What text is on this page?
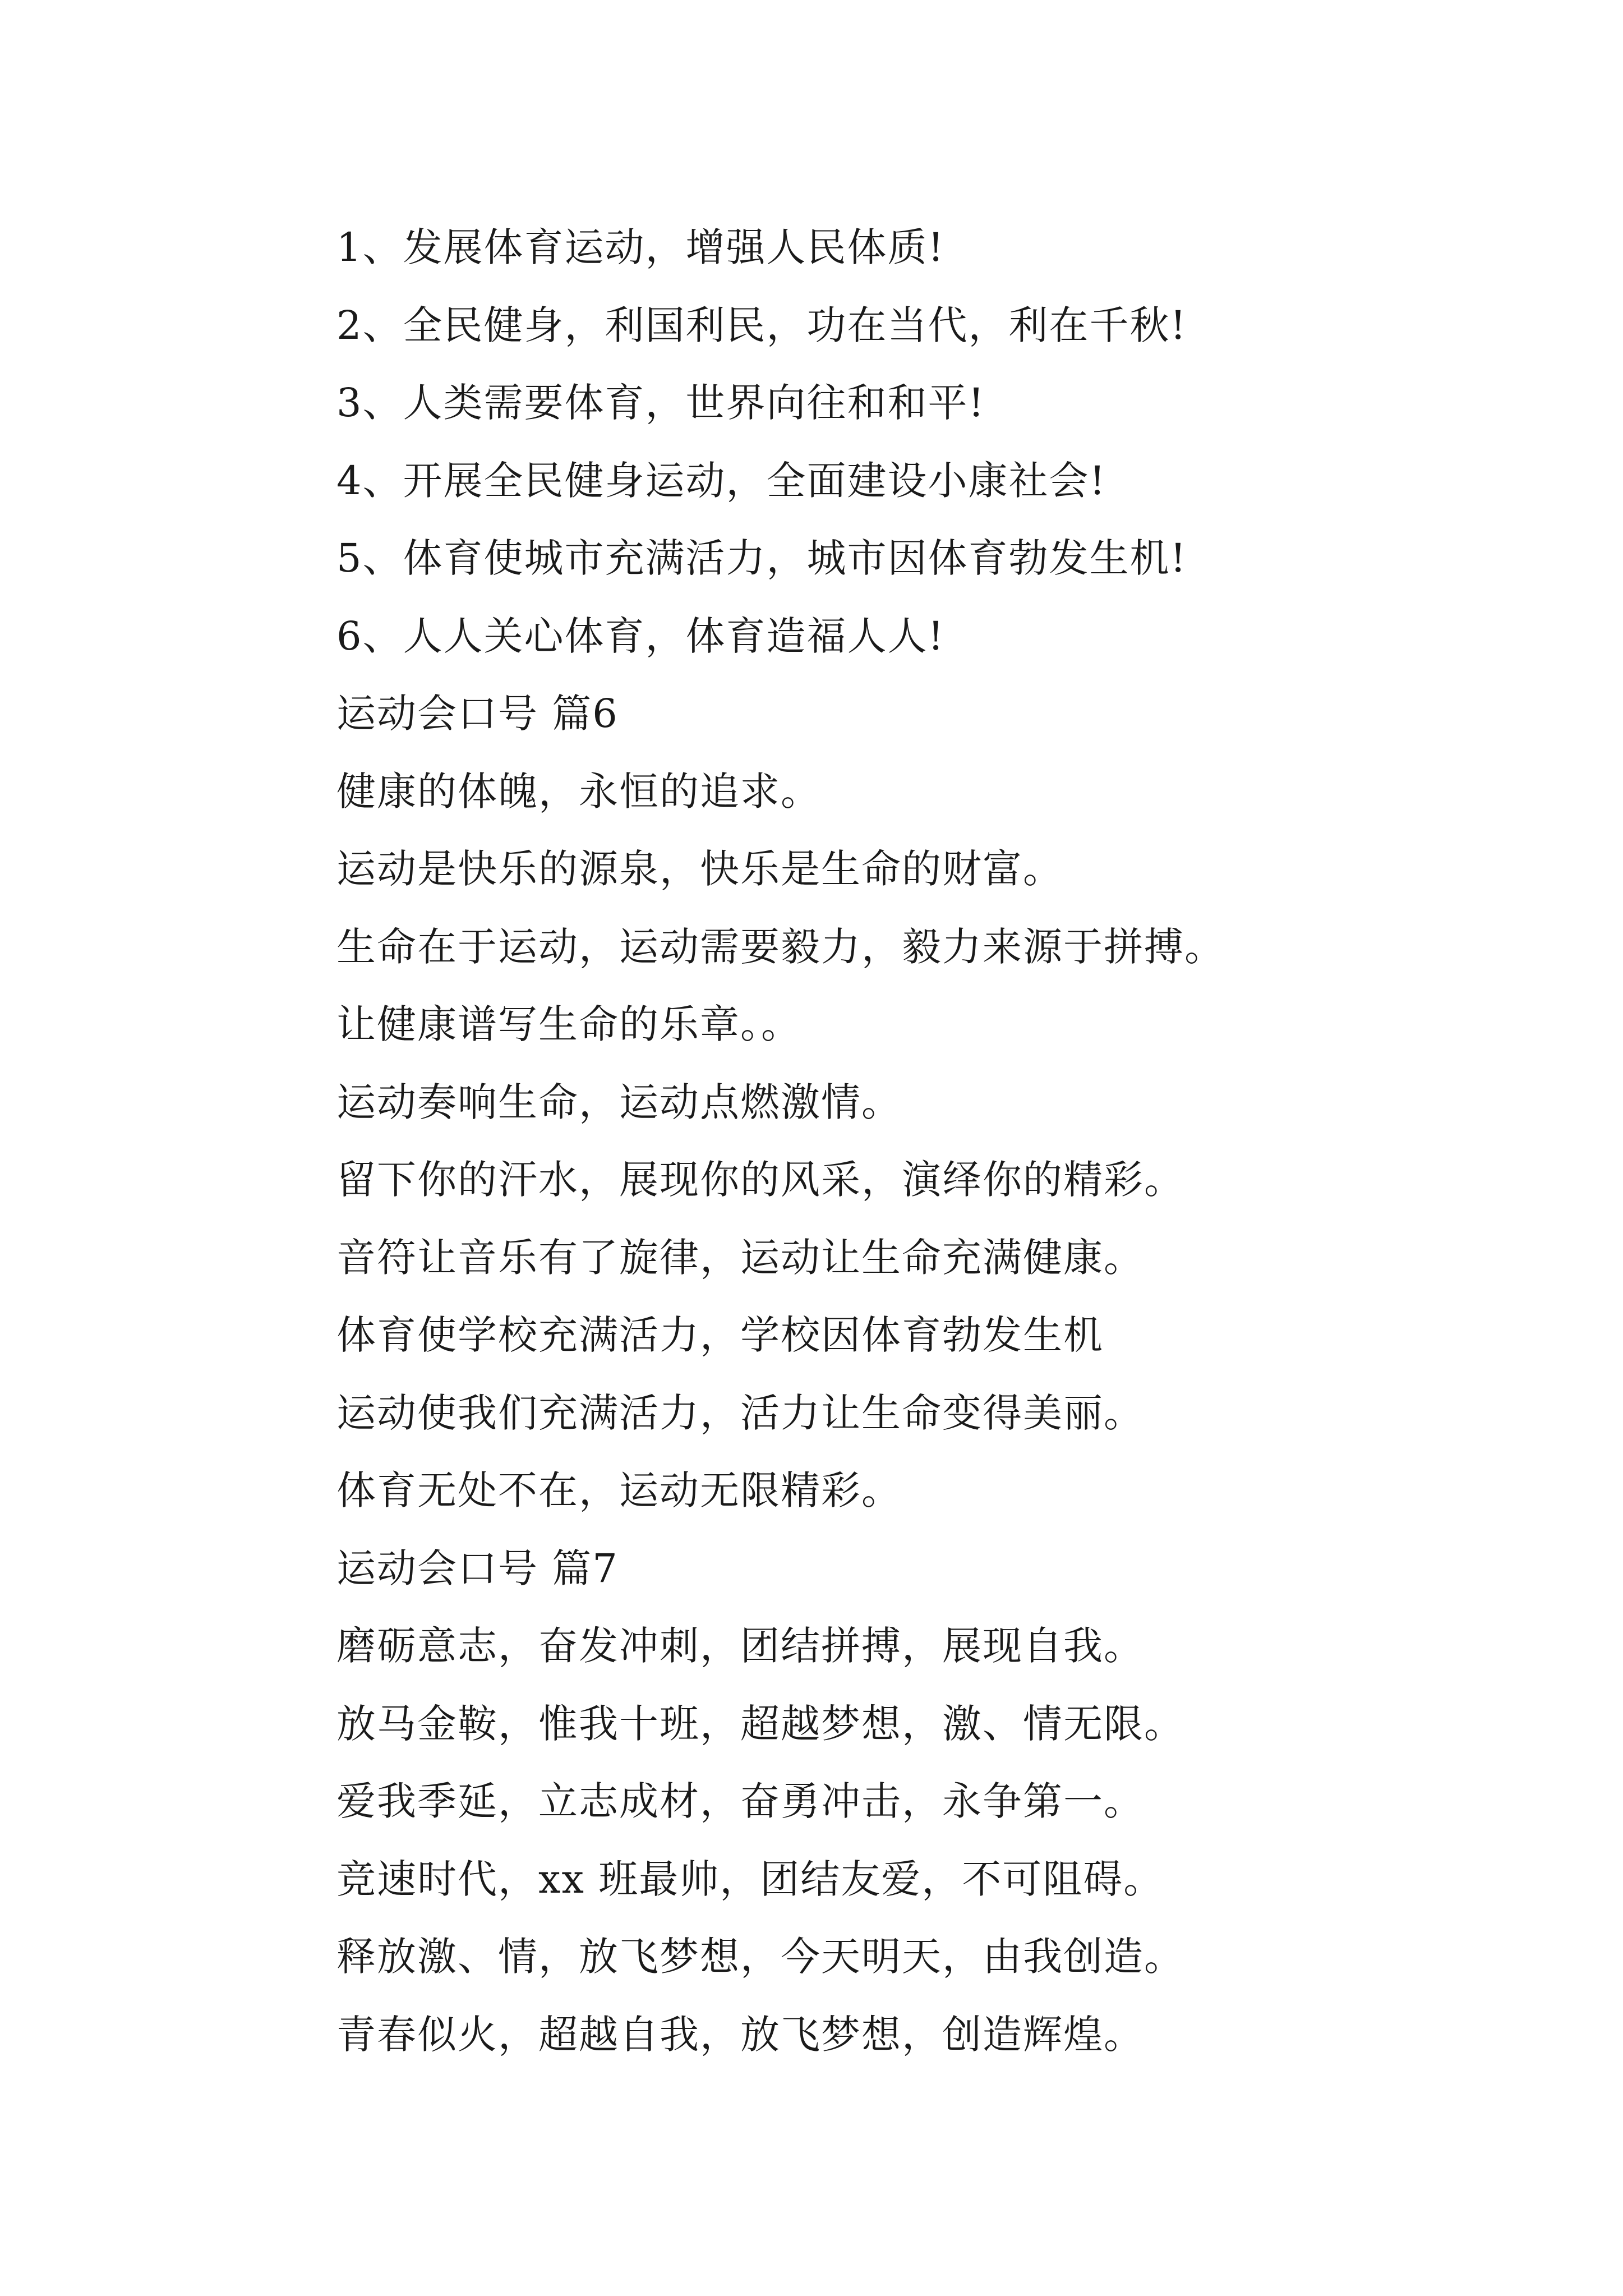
1、发展体育运动，增强人民体质!
2、全民健身，利国利民，功在当代，利在千秋!
3、人类需要体育，世界向往和和平!
4、开展全民健身运动，全面建设小康社会!
5、体育使城市充满活力，城市因体育勃发生机!
6、人人关心体育，体育造福人人!
运动会口号 篇6
健康的体魄，永恒的追求。
运动是快乐的源泉，快乐是生命的财富。
生命在于运动，运动需要毅力，毅力来源于拼搏。
让健康谱写生命的乐章。。
运动奏响生命，运动点燃激情。
留下你的汗水，展现你的风采，演绎你的精彩。
音符让音乐有了旋律，运动让生命充满健康。
体育使学校充满活力，学校因体育勃发生机
运动使我们充满活力，活力让生命变得美丽。
体育无处不在，运动无限精彩。
运动会口号 篇7
磨砺意志，奋发冲刺，团结拼搏，展现自我。
放马金鞍，惟我十班，超越梦想，激、情无限。
爱我季延，立志成材，奋勇冲击，永争第一。
竞速时代，xx 班最帅，团结友爱，不可阻碍。
释放激、情，放飞梦想，今天明天，由我创造。
青春似火，超越自我，放飞梦想，创造辉煌。
